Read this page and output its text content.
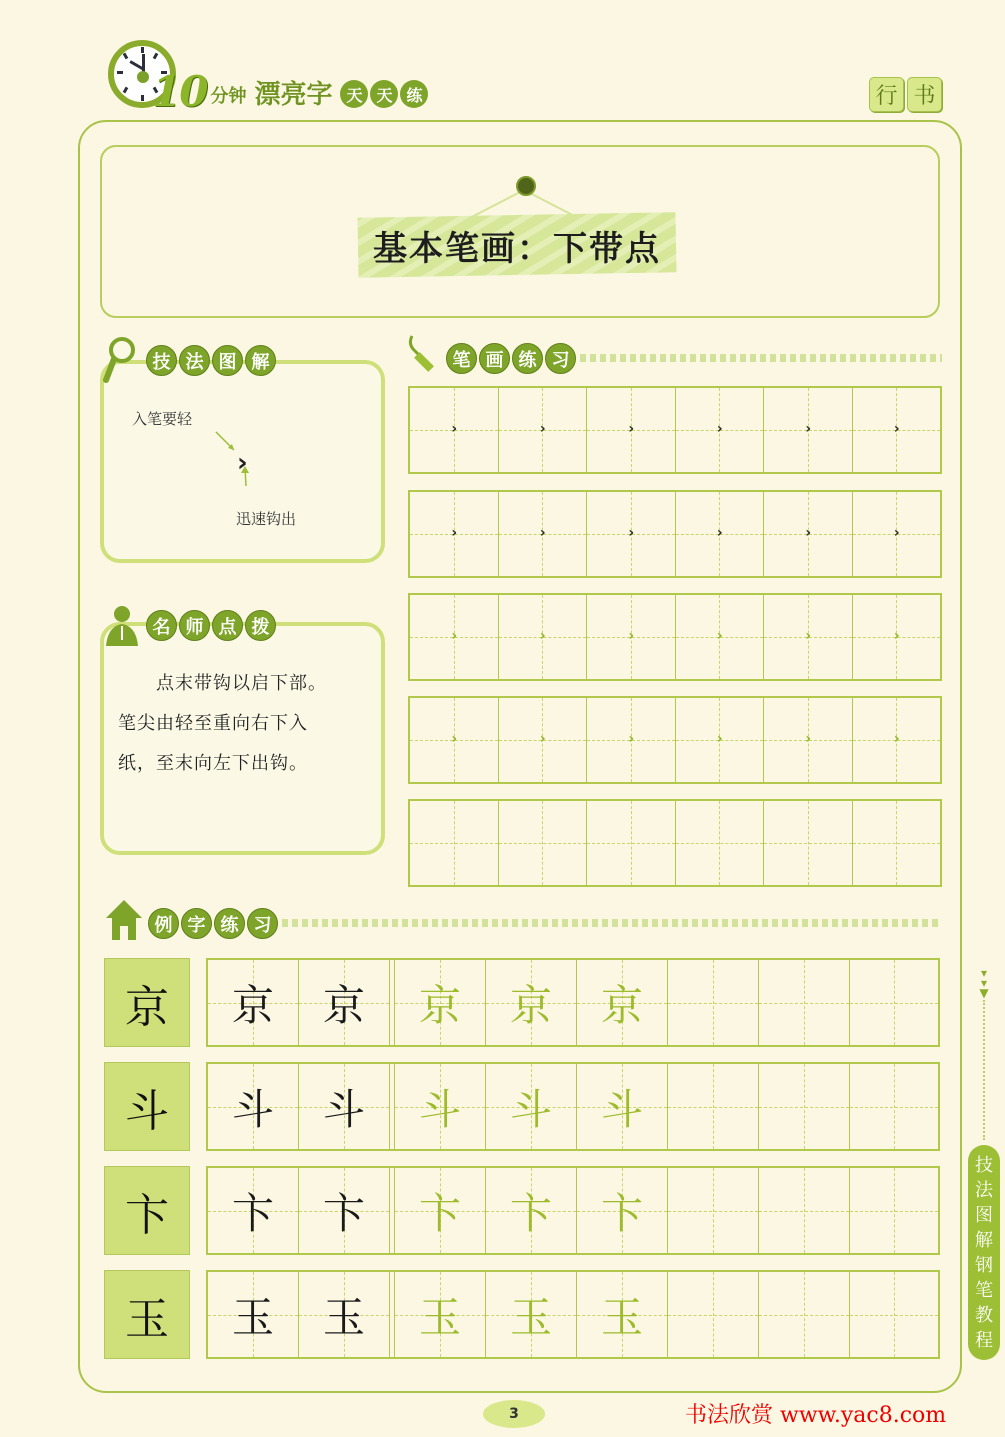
10 分钟 漂亮字 天 天 练	行 书
基本笔画：下带点
技 法 图 解
入笔要轻
›
迅速钩出
名 师 点 拨
　　点末带钩以启下部。
笔尖由轻至重向右下入
纸，至末向左下出钩。
笔 画 练 习
›	›	›	›	›	›
›	›	›	›	›	›
›	›	›	›	›	›
›	›	›	›	›	›
例 字 练 习
京	京 京 京 京 京
斗	斗 斗 斗 斗 斗
卞	卞 卞 卞 卞 卞
玉	玉 玉 玉 玉 玉
▾
▾
▼
技
法
图
解
钢
笔
教
程
3	书法欣赏 www.yac8.com
